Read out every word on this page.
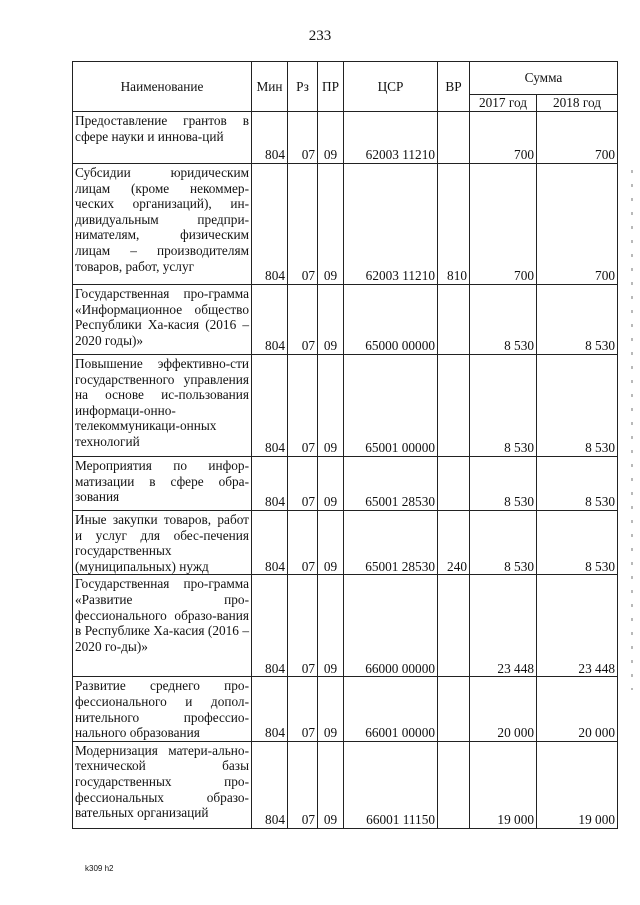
233
Наименование	Мин	Рз	ПР	ЦСР	ВР	Сумма	
						2017 год	2018 год
Предоставление грантов в сфере науки и иннова-ций	804	07	09	62003 11210		700	700
Субсидии юридическим лицам (кроме некоммер-ческих организаций), ин-дивидуальным предпри-нимателям, физическим лицам – производителям товаров, работ, услуг	804	07	09	62003 11210	810	700	700
Государственная про-грамма «Информационное общество Республики Ха-касия (2016 – 2020 годы)»	804	07	09	65000 00000		8 530	8 530
Повышение эффективно-сти государственного управления на основе ис-пользования информаци-онно-телекоммуникаци-онных технологий	804	07	09	65001 00000		8 530	8 530
Мероприятия по инфор-матизации в сфере обра-зования	804	07	09	65001 28530		8 530	8 530
Иные закупки товаров, работ и услуг для обес-печения государственных (муниципальных) нужд	804	07	09	65001 28530	240	8 530	8 530
Государственная про-грамма «Развитие про-фессионального образо-вания в Республике Ха-касия (2016 – 2020 го-ды)»	804	07	09	66000 00000		23 448	23 448
Развитие среднего про-фессионального и допол-нительного профессио-нального образования	804	07	09	66001 00000		20 000	20 000
Модернизация матери-ально-технической базы государственных про-фессиональных образо-вательных организаций	804	07	09	66001 11150		19 000	19 000
k309 h2
